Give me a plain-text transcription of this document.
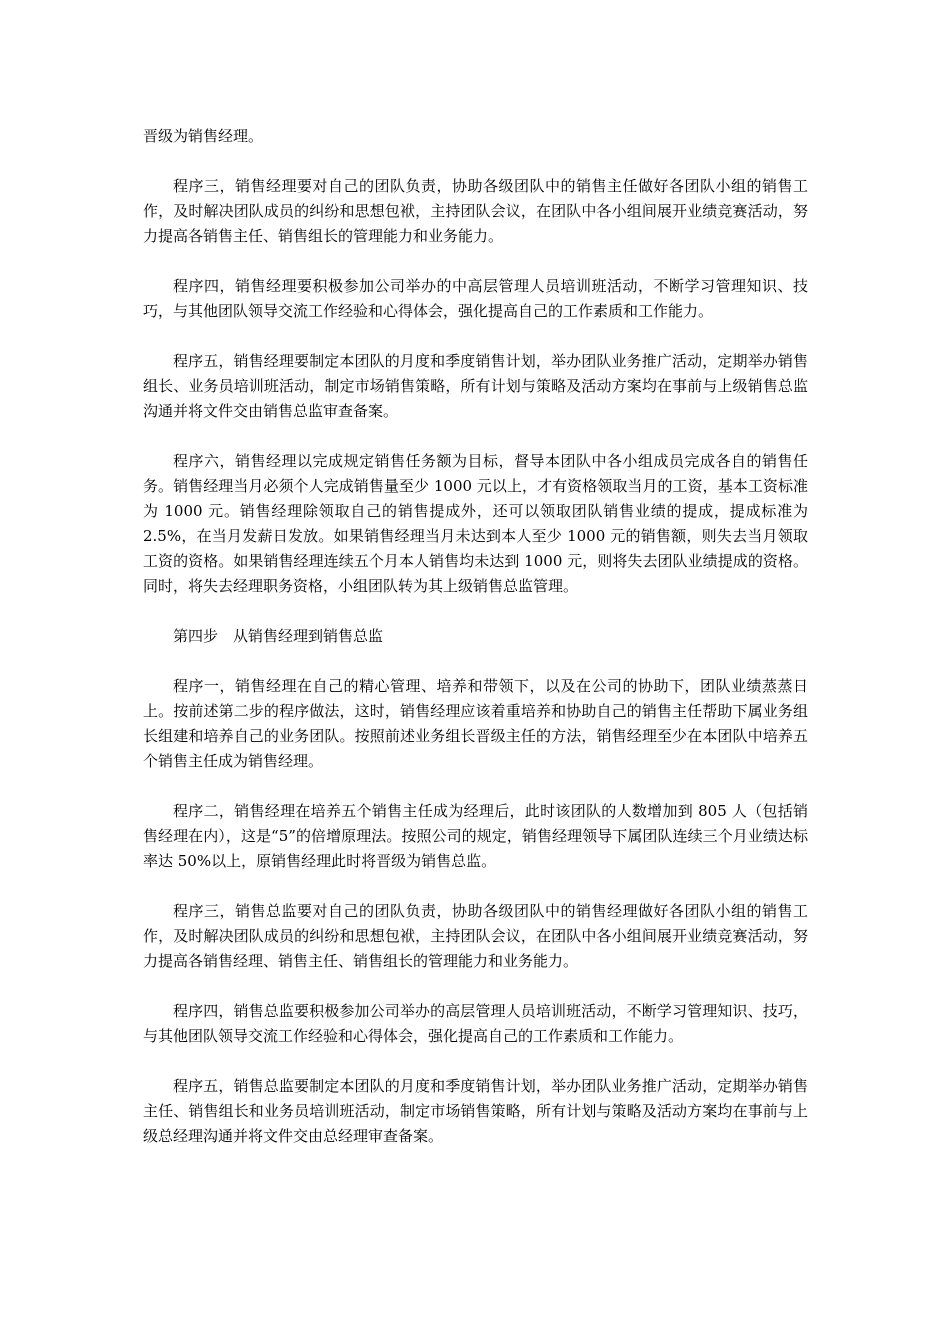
晋级为销售经理。

程序三，销售经理要对自己的团队负责，协助各级团队中的销售主任做好各团队小组的销售工作，及时解决团队成员的纠纷和思想包袱，主持团队会议，在团队中各小组间展开业绩竞赛活动，努力提高各销售主任、销售组长的管理能力和业务能力。

程序四，销售经理要积极参加公司举办的中高层管理人员培训班活动，不断学习管理知识、技巧，与其他团队领导交流工作经验和心得体会，强化提高自己的工作素质和工作能力。

程序五，销售经理要制定本团队的月度和季度销售计划，举办团队业务推广活动，定期举办销售组长、业务员培训班活动，制定市场销售策略，所有计划与策略及活动方案均在事前与上级销售总监沟通并将文件交由销售总监审查备案。

程序六，销售经理以完成规定销售任务额为目标，督导本团队中各小组成员完成各自的销售任务。销售经理当月必须个人完成销售量至少 1000 元以上，才有资格领取当月的工资，基本工资标准为 1000 元。销售经理除领取自己的销售提成外，还可以领取团队销售业绩的提成，提成标准为 2.5%，在当月发薪日发放。如果销售经理当月未达到本人至少 1000 元的销售额，则失去当月领取工资的资格。如果销售经理连续五个月本人销售均未达到 1000 元，则将失去团队业绩提成的资格。同时，将失去经理职务资格，小组团队转为其上级销售总监管理。

第四步　从销售经理到销售总监

程序一，销售经理在自己的精心管理、培养和带领下，以及在公司的协助下，团队业绩蒸蒸日上。按前述第二步的程序做法，这时，销售经理应该着重培养和协助自己的销售主任帮助下属业务组长组建和培养自己的业务团队。按照前述业务组长晋级主任的方法，销售经理至少在本团队中培养五个销售主任成为销售经理。

程序二，销售经理在培养五个销售主任成为经理后，此时该团队的人数增加到 805 人（包括销售经理在内），这是“5”的倍增原理法。按照公司的规定，销售经理领导下属团队连续三个月业绩达标率达 50%以上，原销售经理此时将晋级为销售总监。

程序三，销售总监要对自己的团队负责，协助各级团队中的销售经理做好各团队小组的销售工作，及时解决团队成员的纠纷和思想包袱，主持团队会议，在团队中各小组间展开业绩竞赛活动，努力提高各销售经理、销售主任、销售组长的管理能力和业务能力。

程序四，销售总监要积极参加公司举办的高层管理人员培训班活动，不断学习管理知识、技巧，与其他团队领导交流工作经验和心得体会，强化提高自己的工作素质和工作能力。

程序五，销售总监要制定本团队的月度和季度销售计划，举办团队业务推广活动，定期举办销售主任、销售组长和业务员培训班活动，制定市场销售策略，所有计划与策略及活动方案均在事前与上级总经理沟通并将文件交由总经理审查备案。
